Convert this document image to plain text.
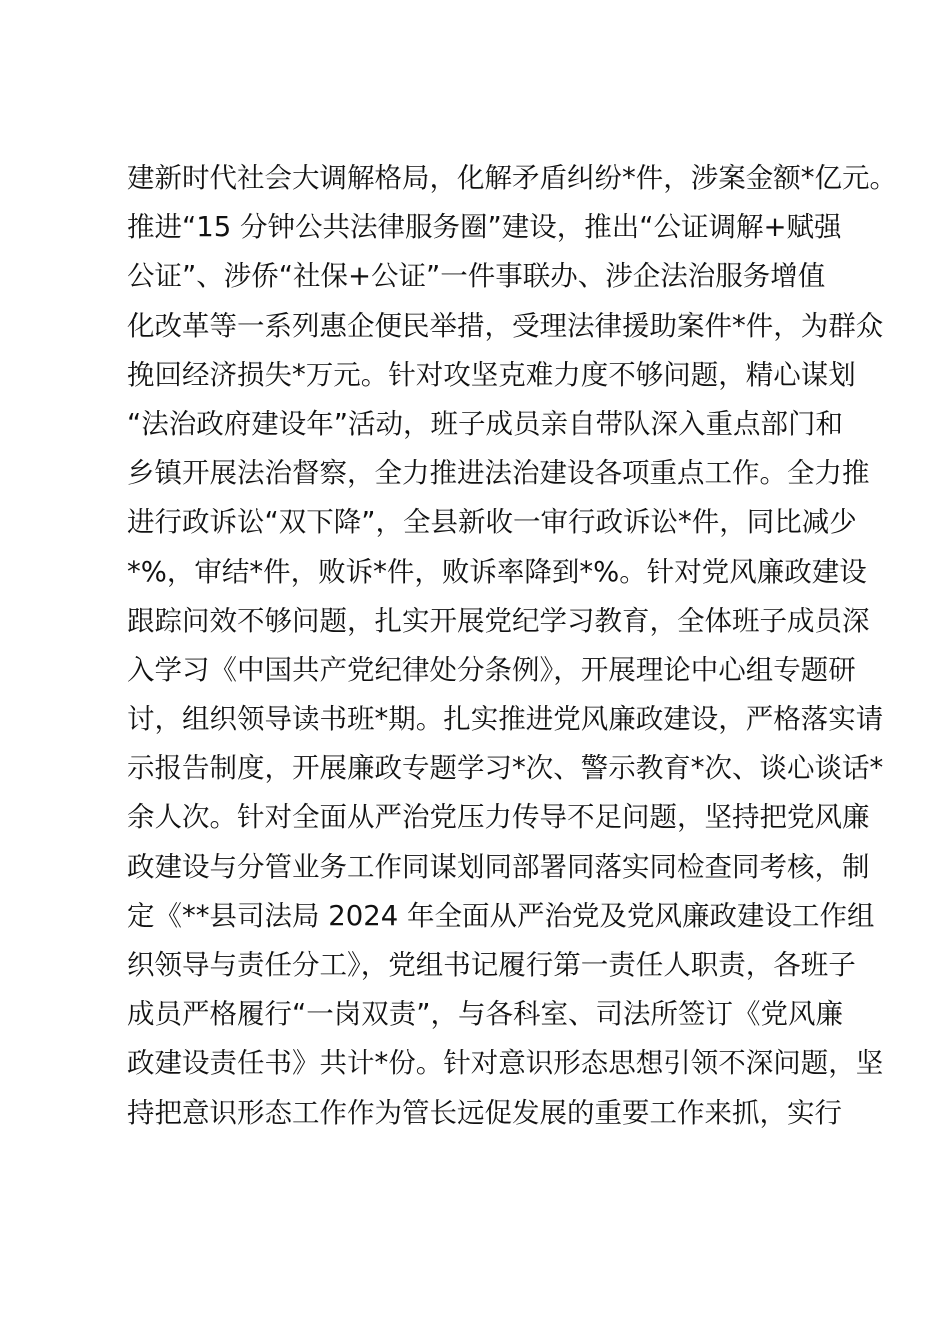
建新时代社会大调解格局，化解矛盾纠纷*件，涉案金额*亿元。
推进“15 分钟公共法律服务圈”建设，推出“公证调解+赋强
公证”、涉侨“社保+公证”一件事联办、涉企法治服务增值
化改革等一系列惠企便民举措，受理法律援助案件*件，为群众
挽回经济损失*万元。针对攻坚克难力度不够问题，精心谋划
“法治政府建设年”活动，班子成员亲自带队深入重点部门和
乡镇开展法治督察，全力推进法治建设各项重点工作。全力推
进行政诉讼“双下降”，全县新收一审行政诉讼*件，同比减少
*%，审结*件，败诉*件，败诉率降到*%。针对党风廉政建设
跟踪问效不够问题，扎实开展党纪学习教育，全体班子成员深
入学习《中国共产党纪律处分条例》，开展理论中心组专题研
讨，组织领导读书班*期。扎实推进党风廉政建设，严格落实请
示报告制度，开展廉政专题学习*次、警示教育*次、谈心谈话*
余人次。针对全面从严治党压力传导不足问题，坚持把党风廉
政建设与分管业务工作同谋划同部署同落实同检查同考核，制
定《**县司法局 2024 年全面从严治党及党风廉政建设工作组
织领导与责任分工》，党组书记履行第一责任人职责，各班子
成员严格履行“一岗双责”，与各科室、司法所签订《党风廉
政建设责任书》共计*份。针对意识形态思想引领不深问题，坚
持把意识形态工作作为管长远促发展的重要工作来抓，实行
